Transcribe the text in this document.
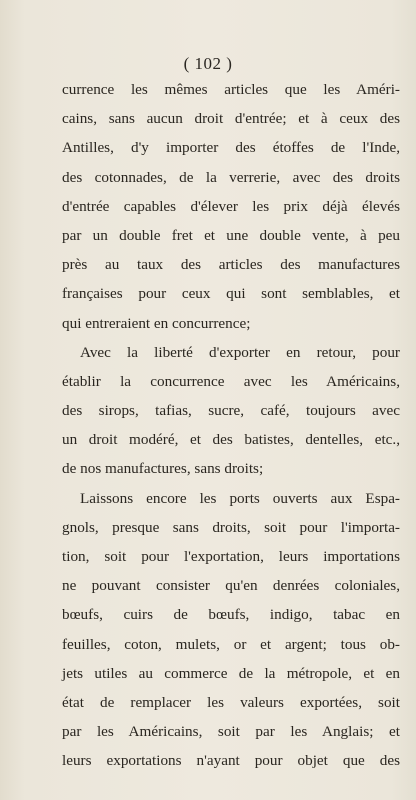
( 102 )
currence les mêmes articles que les Améri-
cains, sans aucun droit d'entrée; et à ceux des
Antilles, d'y importer des étoffes de l'Inde,
des cotonnades, de la verrerie, avec des droits
d'entrée capables d'élever les prix déjà élevés
par un double fret et une double vente, à peu
près au taux des articles des manufactures
françaises pour ceux qui sont semblables, et
qui entreraient en concurrence;
Avec la liberté d'exporter en retour, pour
établir la concurrence avec les Américains,
des sirops, tafias, sucre, café, toujours avec
un droit modéré, et des batistes, dentelles, etc.,
de nos manufactures, sans droits;
Laissons encore les ports ouverts aux Espa-
gnols, presque sans droits, soit pour l'importa-
tion, soit pour l'exportation, leurs importations
ne pouvant consister qu'en denrées coloniales,
bœufs, cuirs de bœufs, indigo, tabac en
feuilles, coton, mulets, or et argent; tous ob-
jets utiles au commerce de la métropole, et en
état de remplacer les valeurs exportées, soit
par les Américains, soit par les Anglais; et
leurs exportations n'ayant pour objet que des
